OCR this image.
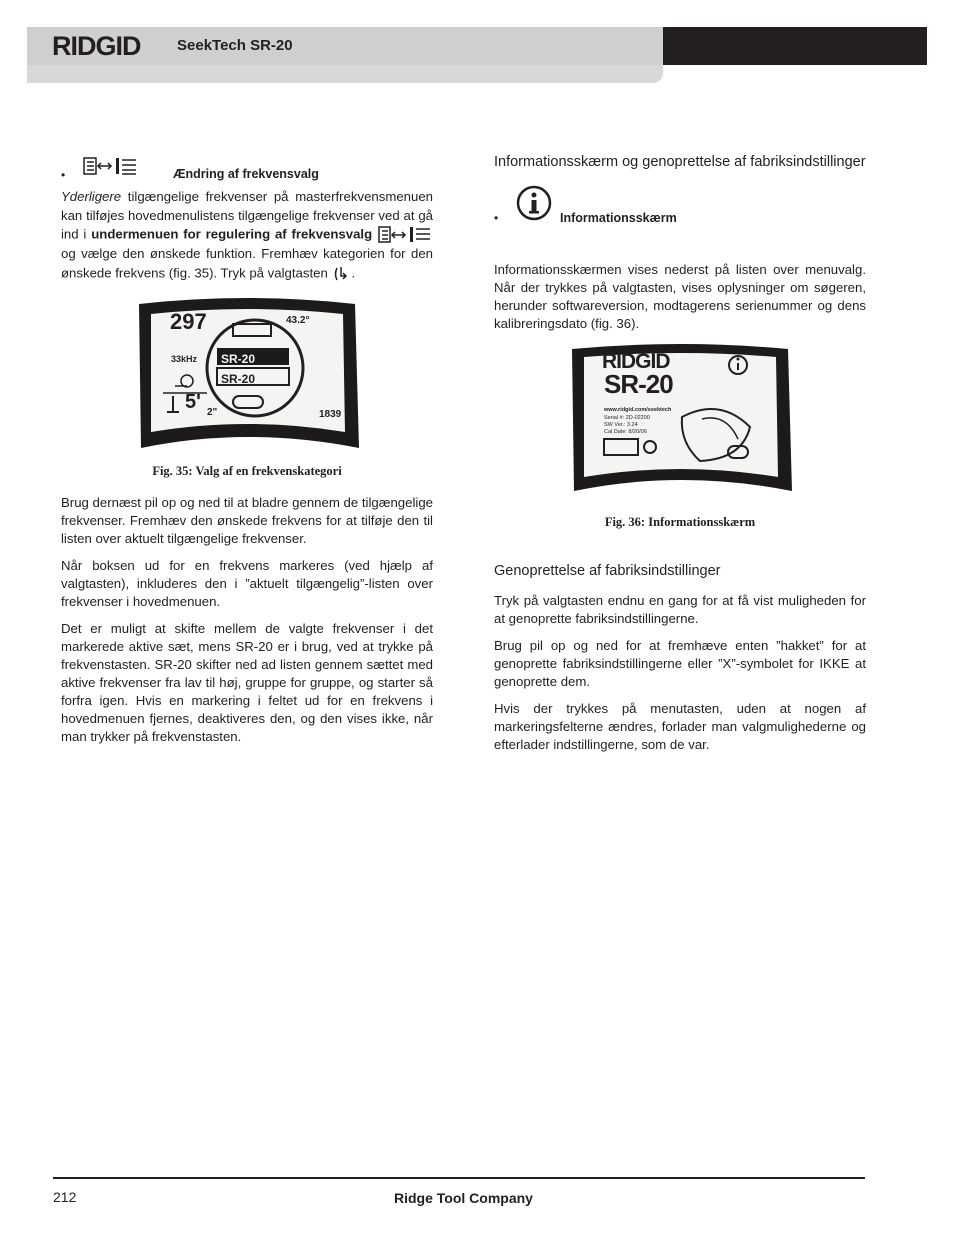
RIDGID	SeekTech SR-20
•	Ændring af frekvensvalg

Yderligere tilgængelige frekvenser på masterfrekvensmenuen kan tilføjes hovedmenulistens tilgængelige frekvenser ved at gå ind i undermenuen for regulering af frekvensvalg  og vælge den ønskede funktion. Fremhæv kategorien for den ønskede frekvens (fig. 35). Tryk på valgtasten .

297	43.2°
33kHz SR-20
SR-20
5' 2"	1839
Fig. 35: Valg af en frekvenskategori

Brug dernæst pil op og ned til at bladre gennem de tilgængelige frekvenser. Fremhæv den ønskede frekvens for at tilføje den til listen over aktuelt tilgængelige frekvenser.

Når boksen ud for en frekvens markeres (ved hjælp af valgtasten), inkluderes den i ”aktuelt tilgængelig”-listen over frekvenser i hovedmenuen.

Det er muligt at skifte mellem de valgte frekvenser i det markerede aktive sæt, mens SR-20 er i brug, ved at trykke på frekvenstasten. SR-20 skifter ned ad listen gennem sættet med aktive frekvenser fra lav til høj, gruppe for gruppe, og starter så forfra igen. Hvis en markering i feltet ud for en frekvens i hovedmenuen fjernes, deaktiveres den, og den vises ikke, når man trykker på frekvenstasten.

Informationsskærm og genoprettelse af fabriksindstillinger
•	Informationsskærm

Informationsskærmen vises nederst på listen over menuvalg. Når der trykkes på valgtasten, vises oplysninger om søgeren, herunder softwareversion, modtagerens serienummer og dens kalibreringsdato (fig. 36).

RIDGID
SR-20
www.ridgid.com/seektech
Serial #: 2D-02200
SW Ver.: 3.24
Cal Date: 8/20/06
Fig. 36: Informationsskærm
Genoprettelse af fabriksindstillinger

Tryk på valgtasten endnu en gang for at få vist muligheden for at genoprette fabriksindstillingerne.

Brug pil op og ned for at fremhæve enten ”hakket” for at genoprette fabriksindstillingerne eller ”X”-symbolet for IKKE at genoprette dem.

Hvis der trykkes på menutasten, uden at nogen af markeringsfelterne ændres, forlader man valgmulighederne og efterlader indstillingerne, som de var.

212	Ridge Tool Company
